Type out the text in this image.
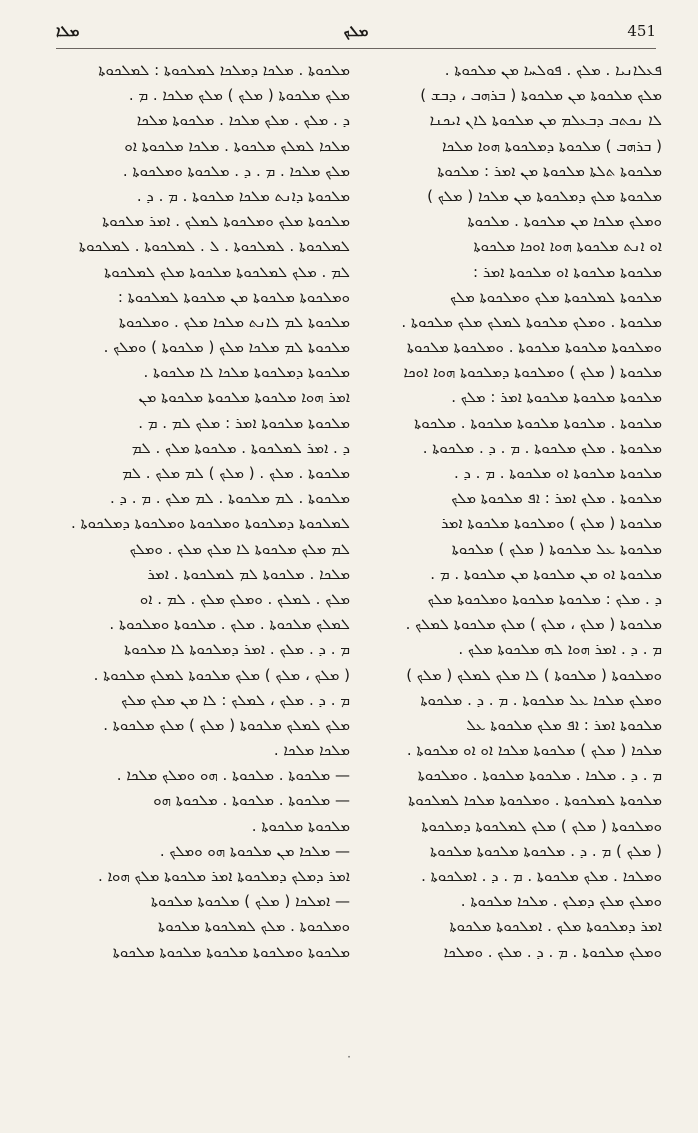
ܡܠܐ	ܡܠܟ	451
ܦܥܠܐܢܝܐ . ܡܠܟ . ܦܘܠܚܐ ܡܢ ܡܠܟܘܬܐ .
ܡܠܟ ܡܠܟܘܬܐ ܡܢ ܡܠܟܘܬܐ ( ܒܪܗܒ ، ܕܒܫ )
ܠܐ ܢܟܬܒ ܕܒܥܠܡ ܡܢ ܡܠܟܘܬܐ ܠܐܢ ܐܝܟܢܐ
( ܒܪܗܒ ) ܡܠܟܘܬܐ ܕܡܠܟܘܬܐ ܗܘܐ ܡܠܟܐ
ܡܠܟܘܬܐ ܬܠܬܐ ܡܠܟܘܬܐ ܡܢ ܐܡܪ : ܡܠܟܘܬܐ
ܡܠܟܘܬܐ ܡܠܟ ܕܡܠܟܘܬܐ ܡܢ ܡܠܟܐ ( ܡܠܟ )
ܘܡܠܟ ܡܠܟܐ ܡܢ ܡܠܟܘܬܐ . ܡܠܟܘܬܐ
ܐܘ ܐܢܬ ܡܠܟܘܬܐ ܗܘܐ ܐܘܟܐ ܡܠܟܘܬܐ
ܡܠܟܘܬܐ ܡܠܟܘܬܐ ܐܘ ܡܠܟܘܬܐ ܐܡܪ :
ܡܠܟܘܬܐ ܠܡܠܟܘܬܐ ܡܠܟ ܘܡܠܟܘܬܐ ܡܠܟ
ܡܠܟܘܬܐ . ܘܡܠܟ ܡܠܟܘܬܐ ܠܡܠܟ ܡܠܟ ܡܠܟܘܬܐ .
ܘܡܠܟܘܬܐ ܡܠܟܘܬܐ ܡܠܟܘܬܐ . ܘܡܠܟܘܬܐ ܡܠܟܘܬܐ
ܡܠܟܘܬܐ ( ܡܠܟ ) ܘܡܠܟܘܬܐ ܕܡܠܟܘܬܐ ܗܘܐ ܐܘܟܐ
ܡܠܟܘܬܐ ܡܠܟܘܬܐ ܡܠܟܘܬܐ ܐܡܪ : ܡܠܟ .
ܡܠܟܘܬܐ . ܡܠܟܘܬܐ ܡܠܟܘܬܐ ܡܠܟܘܬܐ . ܡܠܟܘܬܐ
ܡܠܟܘܬܐ . ܡܠܟ ܡܠܟܘܬܐ . ܡ . ܕ . ܡܠܟܘܬܐ .
ܡܠܟܘܬܐ ܡܠܟܘܬܐ ܐܘ ܡܠܟܘܬܐ . ܡ . ܕ .
ܡܠܟܘܬܐ . ܡܠܟ ܐܡܪ : ܐܦ ܡܠܟܘܬܐ ܡܠܟ
ܡܠܟܘܬܐ ( ܡܠܟ ) ܘܡܠܟܘܬܐ ܡܠܟܘܬܐ ܐܡܪ
ܡܠܟܘܬܐ ܥܠ ܡܠܟܘܬܐ ( ܡܠܟ ) ܡܠܟܘܬܐ
ܡܠܟܘܬܐ ܐܘ ܡܢ ܡܠܟܘܬܐ ܡܢ ܡܠܟܘܬܐ . ܡ .
ܕ . ܡܠܟ : ܡܠܟܘܬܐ ܡܠܟܘܬܐ ܘܡܠܟܘܬܐ ܡܠܟ
ܡܠܟܘܬܐ ( ܡܠܟ ، ܡܠܟ ) ܡܠܟ ܡܠܟܘܬܐ ܠܡܠܟ .
ܡ . ܕ . ܐܡܪ ܗܘܐ ܠܗ ܡܠܟܘܬܐ ܡܠܟ .
ܘܡܠܟܘܬܐ ( ܡܠܟܘܬܐ ) ܠܐ ܡܠܟ ܠܡܠܟ ( ܡܠܟ )
ܘܡܠܟ ܡܠܟܐ ܥܠ ܡܠܟܘܬܐ . ܡ . ܕ . ܡܠܟܘܬܐ
ܡܠܟܘܬܐ ܐܡܪ : ܐܦ ܡܠܟ ܡܠܟܘܬܐ ܥܠ
ܡܠܟܐ ( ܡܠܟ ) ܡܠܟܘܬܐ ܡܠܟܐ ܐܘ ܐܘ ܡܠܟܘܬܐ .
ܡ . ܕ . ܡܠܟܐ . ܡܠܟܘܬܐ ܡܠܟܘܬܐ . ܘܡܠܟܘܬܐ
ܡܠܟܘܬܐ ܠܡܠܟܘܬܐ . ܘܡܠܟܘܬܐ ܡܠܟܐ ܠܡܠܟܘܬܐ
ܘܡܠܟܘܬܐ ( ܡܠܟ ) ܡܠܟ ܠܡܠܟܘܬܐ ܕܡܠܟܘܬܐ
( ܡܠܟ ) ܡ . ܕ . ܡܠܟܘܬܐ ܡܠܟܘܬܐ ܡܠܟܘܬܐ
ܘܡܠܟܐ . ܡܠܟ ܡܠܟܘܬܐ . ܡ . ܕ . ܐܡܠܟܘܬܐ .
ܘܡܠܟ ܡܠܟ ܕܡܠܟ . ܡܠܟܐ ܡܠܟܘܬܐ .
ܐܡܪ ܕܡܠܟܘܬܐ ܡܠܟ . ܐܡܠܟܘܬܐ ܡܠܟܘܬܐ
ܘܡܠܟ ܡܠܟܘܬܐ . ܡ . ܕ . ܡܠܟ . ܘܡܠܟܐ
ܡܠܟܘܬܐ . ܡܠܟܐ ܕܡܠܟܐ ܠܡܠܟܘܬܐ : ܠܡܠܟܘܬܐ
ܡܠܟ ܡܠܟܘܬܐ ( ܡܠܟ ) ܡܠܟ ܡܠܟܐ . ܡ .
ܕ . ܡܠܟ . ܡܠܟ ܡܠܟܐ . ܡܠܟܘܬܐ ܡܠܟܐ
ܡܠܟܐ ܠܡܠܟ ܡܠܟܘܬܐ . ܡܠܟܐ ܡܠܟܘܬܐ ܐܘ
ܡܠܟ ܡܠܟܐ . ܡ . ܕ . ܡܠܟܘܬܐ ܘܡܠܟܘܬܐ .
ܡܠܟܘܬܐ ܕܐܢܬ ܡܠܟܐ ܡܠܟܘܬܐ . ܡ . ܕ .
ܡܠܟܘܬܐ ܡܠܟ ܘܡܠܟܘܬܐ ܠܡܠܟ . ܐܡܪ ܡܠܟܘܬܐ
ܠܡܠܟܘܬܐ . ܠܡܠܟܘܬܐ . ܠ . ܠܡܠܟܘܬܐ . ܠܡܠܟܘܬܐ
ܠܡ . ܡܠܟ ܠܡܠܟܘܬܐ ܡܠܟܘܬܐ ܡܠܟ ܠܡܠܟܘܬܐ
ܘܡܠܟܘܬܐ ܡܠܟܘܬܐ ܡܢ ܡܠܟܘܬܐ ܠܡܠܟܘܬܐ :
ܡܠܟܘܬܐ ܠܡ ܠܐܢܬ ܡܠܟܐ ܡܠܟ . ܘܡܠܟܘܬܐ
ܡܠܟܘܬܐ ܠܡ ܡܠܟܐ ܡܠܟ ( ܡܠܟܘܬܐ ) ܘܡܠܟ .
ܡܠܟܘܬܐ ܕܡܠܟܘܬܐ ܡܠܟܐ ܠܐ ܡܠܟܘܬܐ .
ܐܡܪ ܗܘܐ ܡܠܟܘܬܐ ܡܠܟܘܬܐ ܡܠܟܘܬܐ ܡܢ
ܡܠܟܘܬܐ ܡܠܟܘܬܐ ܐܡܪ : ܡܠܟ ܠܡ . ܡ .
ܕ . ܐܡܪ ܠܡܠܟܘܬܐ . ܡܠܟܘܬܐ ܡܠܟ . ܠܡ
ܡܠܟܘܬܐ . ܡܠܟ . ( ܡܠܟ ) ܠܡ ܡܠܟ . ܠܡ
ܡܠܟܘܬܐ . ܠܡ ܡܠܟܘܬܐ . ܠܡ ܡܠܟ . ܡ . ܕ .
ܠܡܠܟܘܬܐ ܕܡܠܟܘܬܐ ܘܡܠܟܘܬܐ ܘܡܠܟܘܬܐ ܕܡܠܟܘܬܐ .
ܠܡ ܡܠܟ ܡܠܟܘܬܐ ܠܐ ܡܠܟ ܡܠܟ . ܘܡܠܟ
ܡܠܟܐ . ܡܠܟܘܬܐ ܠܡ ܠܡܠܟܘܬܐ . ܐܡܪ
ܡܠܟ . ܠܡܠܟ . ܘܡܠܟ ܡܠܟ . ܠܡ . ܐܘ
ܠܡܠܟ ܡܠܟܘܬܐ . ܡܠܟ . ܡܠܟܘܬܐ ܘܡܠܟܘܬܐ .
ܡ . ܕ . ܡܠܟ . ܐܡܪ ܕܡܠܟܘܬܐ ܠܐ ܡܠܟܘܬܐ
( ܡܠܟ ، ܡܠܟ ) ܡܠܟ ܡܠܟܘܬܐ ܠܡܠܟ ܡܠܟܘܬܐ .
ܡ . ܕ . ܡܠܟ ، ܠܡܠܟ : ܠܐ ܡܢ ܡܠܟ ܡܠܟ
ܡܠܟ ܠܡܠܟ ܡܠܟܘܬܐ ( ܡܠܟ ) ܡܠܟ ܡܠܟܘܬܐ .
ܡܠܟܐ ܡܠܟܐ .
— ܡܠܟܘܬܐ . ܡܠܟܘܬܐ . ܗܘ ܘܡܠܟ ܡܠܟܐ .
— ܡܠܟܘܬܐ . ܡܠܟܘܬܐ . ܡܠܟܘܬܐ ܗܘ
ܡܠܟܘܬܐ ܡܠܟܘܬܐ .
— ܡܠܟܐ ܡܢ ܡܠܟܘܬܐ ܗܘ ܘܡܠܟ .
ܐܡܪ ܕܡܠܟ ܕܡܠܟܘܬܐ ܐܡܪ ܡܠܟܘܬܐ ܡܠܟ ܗܘܐ .
— ܐܡܠܟܐ ( ܡܠܟ ) ܡܠܟܘܬܐ ܡܠܟܘܬܐ
ܘܡܠܟܘܬܐ . ܡܠܟ ܠܡܠܟܘܬܐ ܡܠܟܘܬܐ
ܡܠܟܘܬܐ ܘܡܠܟܘܬܐ ܡܠܟܘܬܐ ܡܠܟܘܬܐ ܡܠܟܘܬܐ
·
